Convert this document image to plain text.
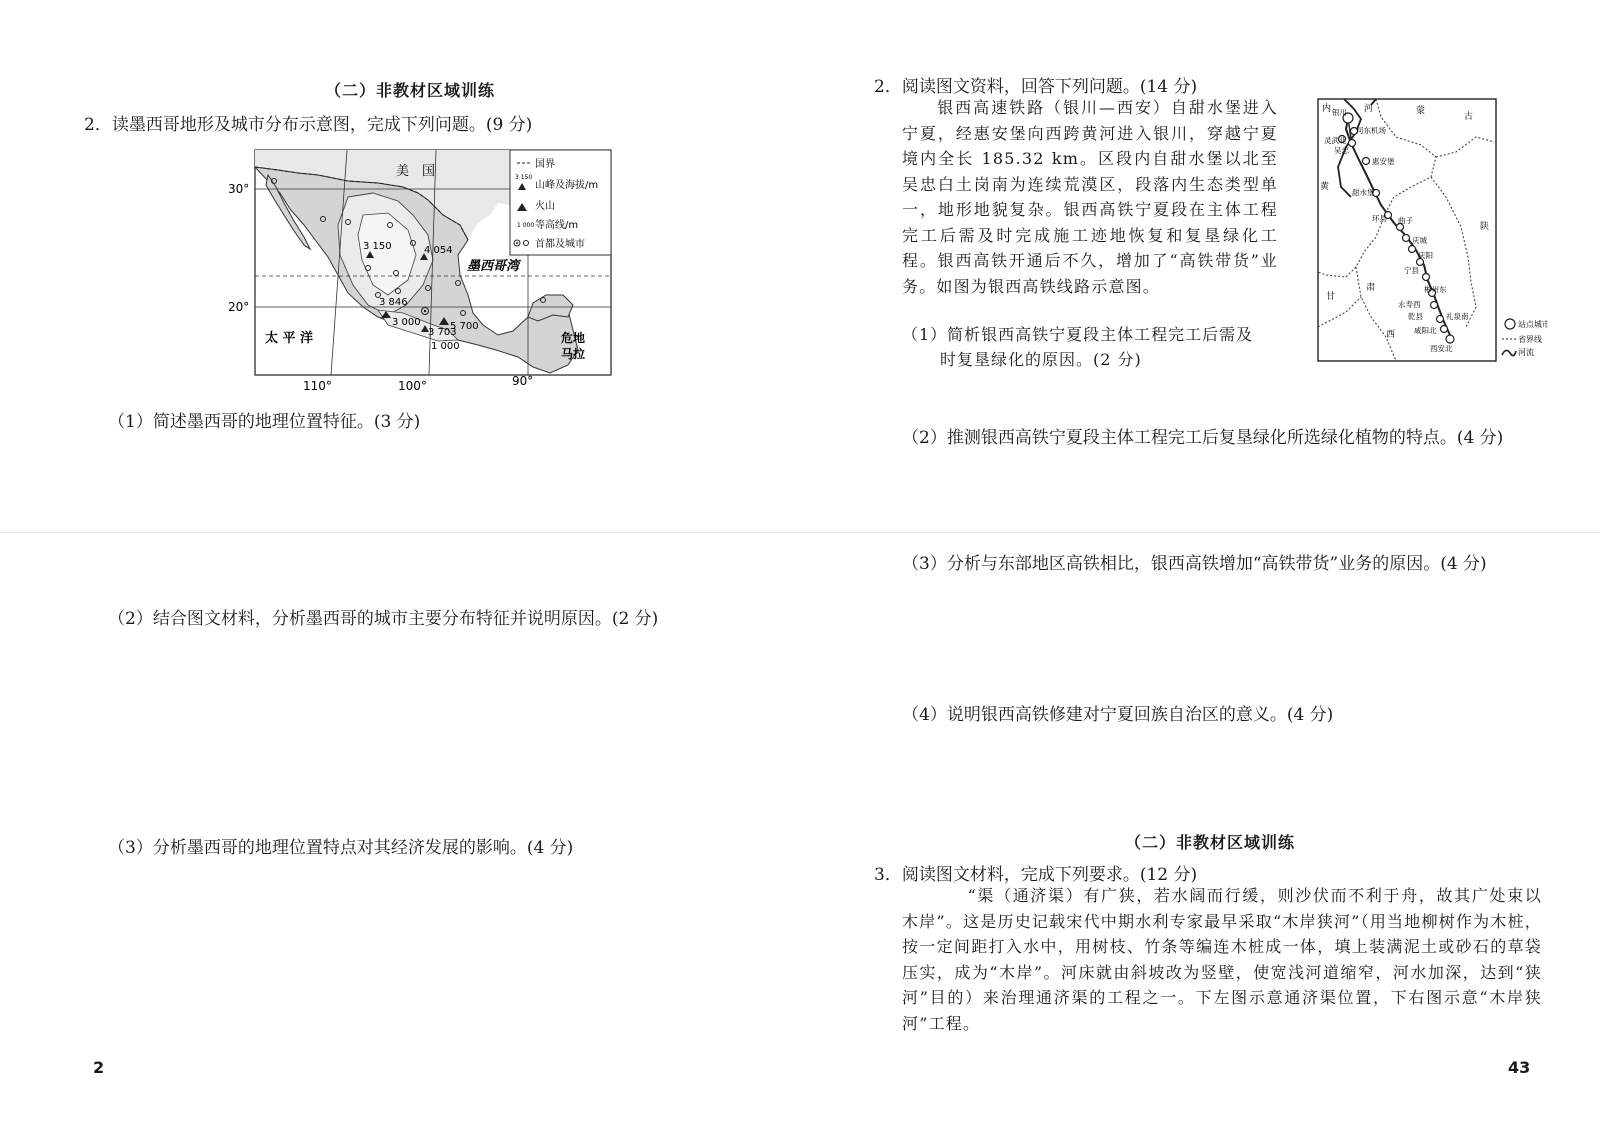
（二）非教材区域训练
2．读墨西哥地形及城市分布示意图，完成下列问题。(9 分)
国界
3 150
山峰及海拔/m
火山
1 000 等高线/m
首都及城市
美　国
墨西哥湾
太 平 洋	危地
马拉
3 150	4 054
3 846
3 000
3 703
5 700
1 000
30°
20°
110°	100°	90°
（1）简述墨西哥的地理位置特征。(3 分)
（2）结合图文材料，分析墨西哥的城市主要分布特征并说明原因。(2 分)
（3）分析墨西哥的地理位置特点对其经济发展的影响。(4 分)
2
2．阅读图文资料，回答下列问题。(14 分)
银西高速铁路（银川—西安）自甜水堡进入宁夏，经惠安堡向西跨黄河进入银川，穿越宁夏境内全长 185.32 km。区段内自甜水堡以北至吴忠白土岗南为连续荒漠区，段落内生态类型单一，地形地貌复杂。银西高铁宁夏段在主体工程完工后需及时完成施工迹地恢复和复垦绿化工程。银西高铁开通后不久，增加了“高铁带货”业务。如图为银西高铁线路示意图。
（1）简析银西高铁宁夏段主体工程完工后需及
时复垦绿化的原因。(2 分)
内	河	蒙
古
黄
陕
甘
肃
西
银川
河东机场
灵武北
吴忠
惠安堡
甜水堡
环县 曲子
庆城
庆阳
宁县
彬州东
永寿西
乾县	礼泉南
咸阳北
西安北
站点城市
省界线
河流
（2）推测银西高铁宁夏段主体工程完工后复垦绿化所选绿化植物的特点。(4 分)
（3）分析与东部地区高铁相比，银西高铁增加“高铁带货”业务的原因。(4 分)
（4）说明银西高铁修建对宁夏回族自治区的意义。(4 分)
（二）非教材区域训练
3．阅读图文材料，完成下列要求。(12 分)
“渠（通济渠）有广狭，若水阔而行缓，则沙伏而不利于舟，故其广处束以木岸”。这是历史记载宋代中期水利专家最早采取“木岸狭河”（用当地柳树作为木桩，按一定间距打入水中，用树枝、竹条等编连木桩成一体，填上装满泥土或砂石的草袋压实，成为“木岸”。河床就由斜坡改为竖壁，使宽浅河道缩窄，河水加深，达到“狭河”目的）来治理通济渠的工程之一。下左图示意通济渠位置，下右图示意“木岸狭河”工程。
43
